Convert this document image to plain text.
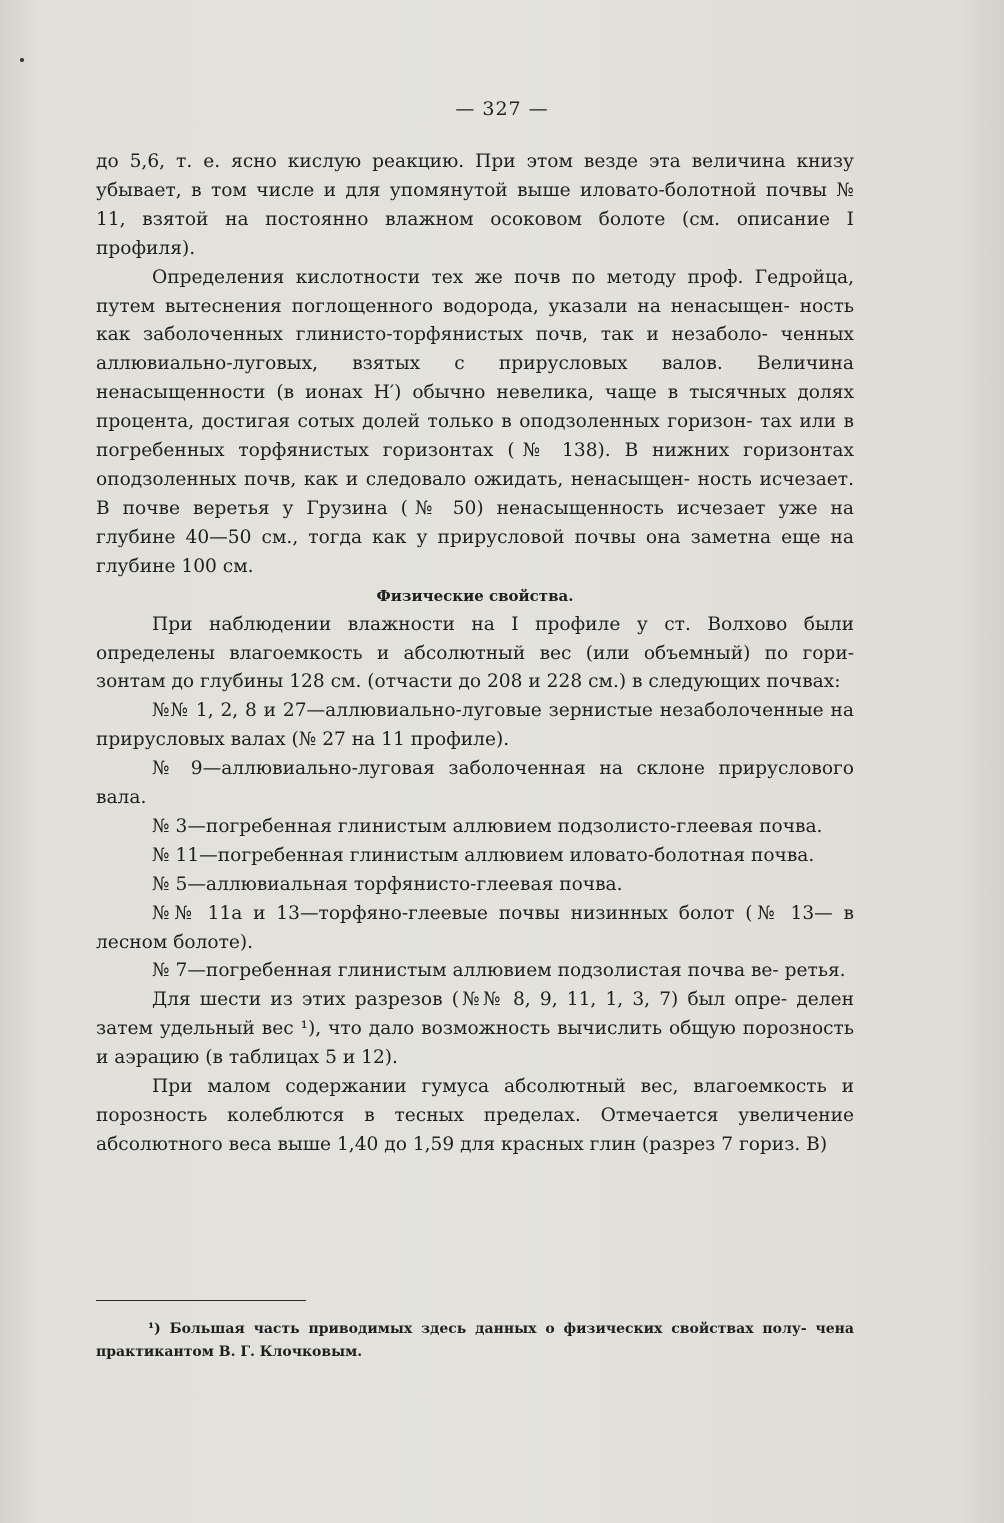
— 327 —

до 5,6, т. е. ясно кислую реакцию. При этом везде эта величина книзу убывает, в том числе и для упомянутой выше иловато-болотной почвы № 11, взятой на постоянно влажном осоковом болоте (см. описание I профиля).

Определения кислотности тех же почв по методу проф. Гедройца, путем вытеснения поглощенного водорода, указали на ненасыщен- ность как заболоченных глинисто-торфянистых почв, так и незаболо- ченных аллювиально-луговых, взятых с прирусловых валов. Величина ненасыщенности (в ионах H′) обычно невелика, чаще в тысячных долях процента, достигая сотых долей только в оподзоленных горизон- тах или в погребенных торфянистых горизонтах (№ 138). В нижних горизонтах оподзоленных почв, как и следовало ожидать, ненасыщен- ность исчезает. В почве веретья у Грузина (№ 50) ненасыщенность исчезает уже на глубине 40—50 см., тогда как у прирусловой почвы она заметна еще на глубине 100 см.

Физические свойства.

При наблюдении влажности на I профиле у ст. Волхово были определены влагоемкость и абсолютный вес (или объемный) по гори- зонтам до глубины 128 см. (отчасти до 208 и 228 см.) в следующих почвах:

№№ 1, 2, 8 и 27—аллювиально-луговые зернистые незаболоченные на прирусловых валах (№ 27 на 11 профиле).

№ 9—аллювиально-луговая заболоченная на склоне прируслового вала.

№ 3—погребенная глинистым аллювием подзолисто-глеевая почва.

№ 11—погребенная глинистым аллювием иловато-болотная почва.

№ 5—аллювиальная торфянисто-глеевая почва.

№№ 11а и 13—торфяно-глеевые почвы низинных болот (№ 13— в лесном болоте).

№ 7—погребенная глинистым аллювием подзолистая почва ве- ретья.

Для шести из этих разрезов (№№ 8, 9, 11, 1, 3, 7) был опре- делен затем удельный вес ¹), что дало возможность вычислить общую порозность и аэрацию (в таблицах 5 и 12).

При малом содержании гумуса абсолютный вес, влагоемкость и порозность колеблются в тесных пределах. Отмечается увеличение абсолютного веса выше 1,40 до 1,59 для красных глин (разрез 7 гориз. B)

¹) Большая часть приводимых здесь данных о физических свойствах полу- чена практикантом В. Г. Клочковым.
